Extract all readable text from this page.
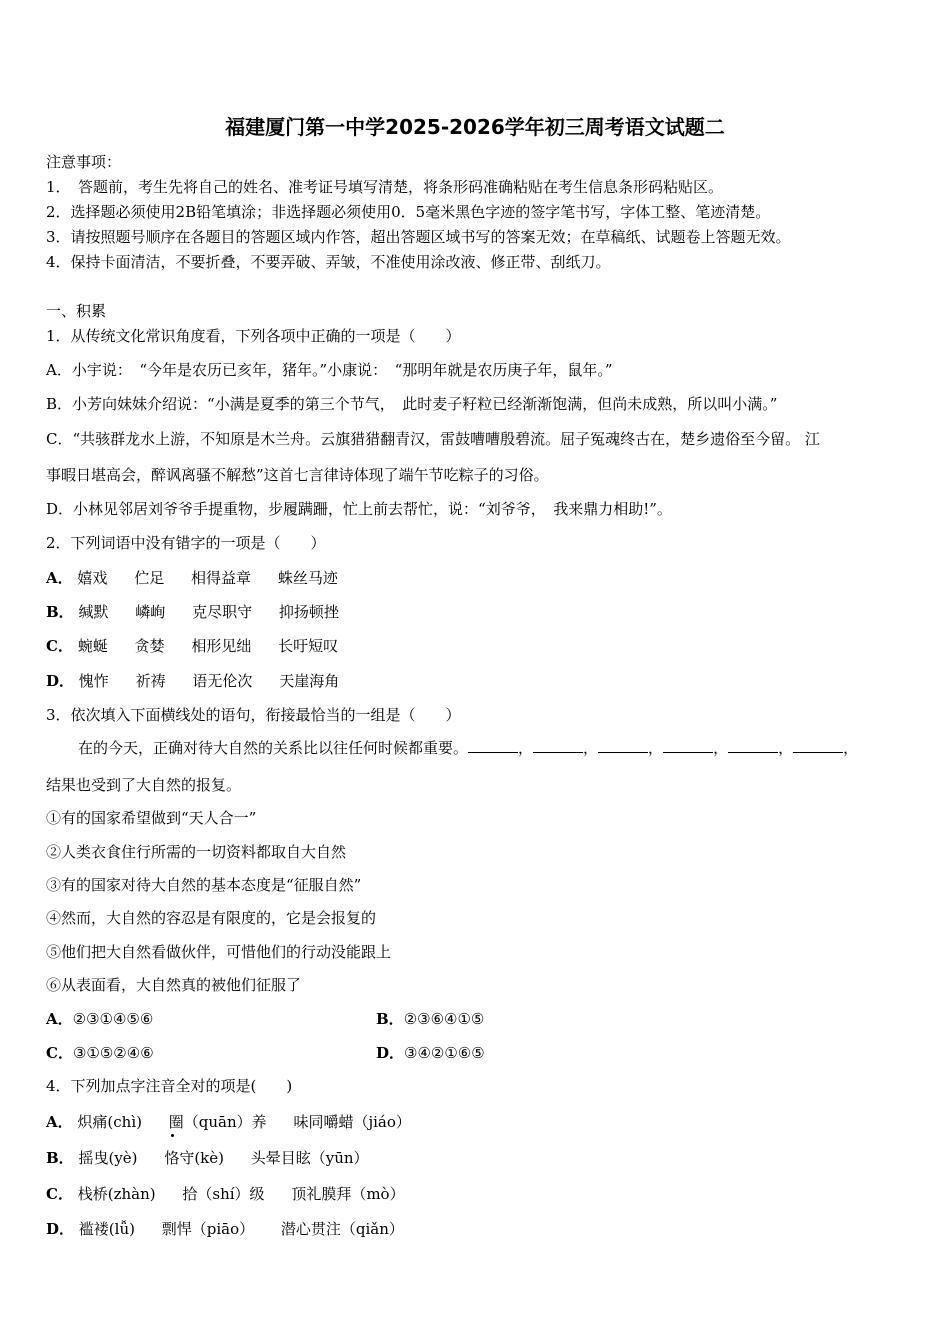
福建厦门第一中学2025-2026学年初三周考语文试题二
注意事项：
1．　答题前，考生先将自己的姓名、准考证号填写清楚，将条形码准确粘贴在考生信息条形码粘贴区。
2．选择题必须使用2B铅笔填涂；非选择题必须使用0．5毫米黑色字迹的签字笔书写，字体工整、笔迹清楚。
3．请按照题号顺序在各题目的答题区域内作答，超出答题区域书写的答案无效；在草稿纸、试题卷上答题无效。
4．保持卡面清洁，不要折叠，不要弄破、弄皱，不准使用涂改液、修正带、刮纸刀。
一、积累
1．从传统文化常识角度看，下列各项中正确的一项是（　　）
A．小宇说：　“今年是农历已亥年，猪年。”小康说：　“那明年就是农历庚子年，鼠年。”
B．小芳向妹妹介绍说：“小满是夏季的第三个节气，　此时麦子籽粒已经渐渐饱满，但尚未成熟，所以叫小满。”
C．“共骇群龙水上游，不知原是木兰舟。云旗猎猎翻青汉，雷鼓嘈嘈殷碧流。屈子冤魂终古在，楚乡遗俗至今留。 江
事暇日堪高会，醉讽离骚不解愁”这首七言律诗体现了端午节吃粽子的习俗。
D．小林见邻居刘爷爷手提重物，步履蹒跚，忙上前去帮忙，说：“刘爷爷，　我来鼎力相助!”。
2．下列词语中没有错字的一项是（　　）
A． 嬉戏 伫足 相得益章 蛛丝马迹
B． 缄默 嶙峋 克尽职守 抑扬顿挫
C． 蜿蜒 贪婪 相形见绌 长吁短叹
D． 愧怍 祈祷 语无伦次 天崖海角
3．依次填入下面横线处的语句，衔接最恰当的一组是（　　）
在的今天，正确对待大自然的关系比以往任何时候都重要。	，	，	，	，	，	，
结果也受到了大自然的报复。
①有的国家希望做到“天人合一”
②人类衣食住行所需的一切资料都取自大自然
③有的国家对待大自然的基本态度是“征服自然”
④然而，大自然的容忍是有限度的，它是会报复的
⑤他们把大自然看做伙伴，可惜他们的行动没能跟上
⑥从表面看，大自然真的被他们征服了
A．②③①④⑤⑥	B．②③⑥④①⑤
C．③①⑤②④⑥	D．③④②①⑥⑤
4．下列加点字注音全对的项是(　　)
A． 炽痛(chì) 圈（quān）养 味同嚼蜡（jiáo）
B． 摇曳(yè) 恪守(kè) 头晕目眩（yūn）
C． 栈桥(zhàn) 拾（shí）级 顶礼膜拜（mò）
D． 褴褛(lǚ) 剽悍（piāo） 潜心贯注（qiǎn）
